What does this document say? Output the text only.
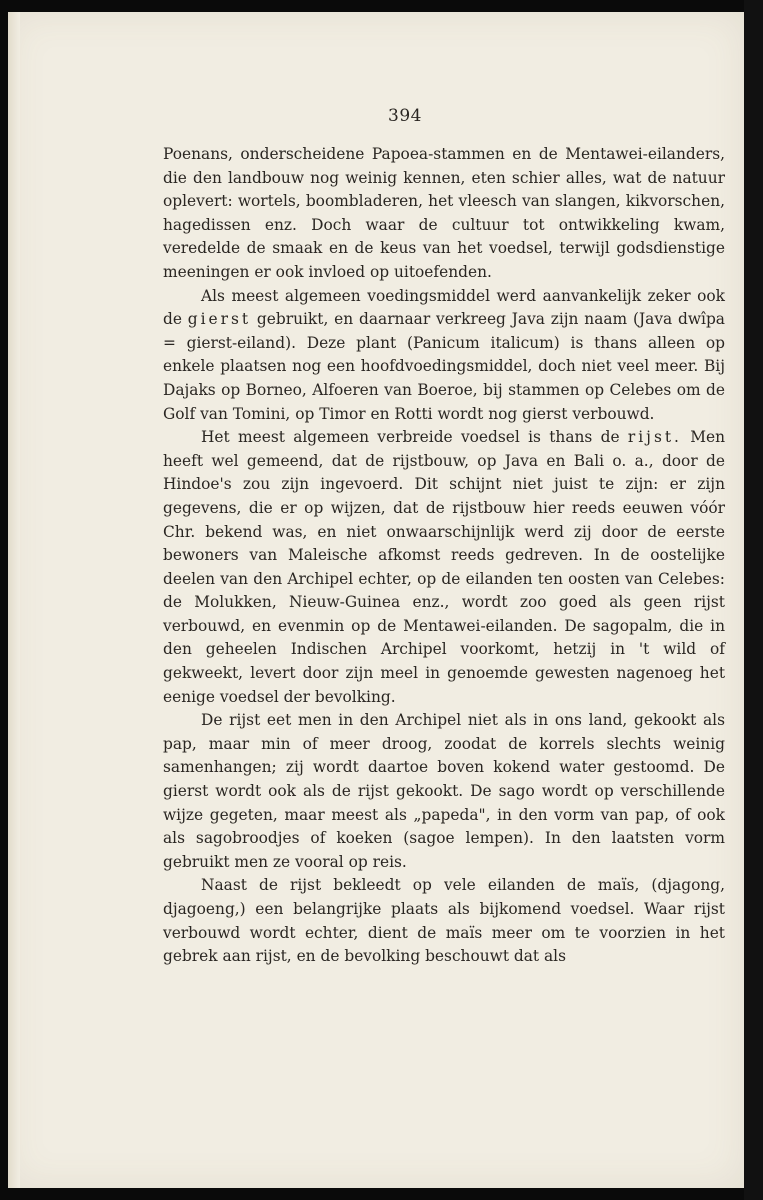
394

Poenans, onderscheidene Papoea-stammen en de Mentawei-eilanders, die den landbouw nog weinig kennen, eten schier alles, wat de natuur oplevert: wortels, boombladeren, het vleesch van slangen, kikvorschen, hagedissen enz. Doch waar de cultuur tot ontwikkeling kwam, veredelde de smaak en de keus van het voedsel, terwijl godsdienstige meeningen er ook invloed op uitoefenden.

Als meest algemeen voedingsmiddel werd aanvankelijk zeker ook de gierst gebruikt, en daarnaar verkreeg Java zijn naam (Java dwîpa = gierst-eiland). Deze plant (Panicum italicum) is thans alleen op enkele plaatsen nog een hoofdvoedingsmiddel, doch niet veel meer. Bij Dajaks op Borneo, Alfoeren van Boeroe, bij stammen op Celebes om de Golf van Tomini, op Timor en Rotti wordt nog gierst verbouwd.

Het meest algemeen verbreide voedsel is thans de rijst. Men heeft wel gemeend, dat de rijstbouw, op Java en Bali o. a., door de Hindoe's zou zijn ingevoerd. Dit schijnt niet juist te zijn: er zijn gegevens, die er op wijzen, dat de rijstbouw hier reeds eeuwen vóór Chr. bekend was, en niet onwaarschijnlijk werd zij door de eerste bewoners van Maleische afkomst reeds gedreven. In de oostelijke deelen van den Archipel echter, op de eilanden ten oosten van Celebes: de Molukken, Nieuw-Guinea enz., wordt zoo goed als geen rijst verbouwd, en evenmin op de Mentawei-eilanden. De sagopalm, die in den geheelen Indischen Archipel voorkomt, hetzij in 't wild of gekweekt, levert door zijn meel in genoemde gewesten nagenoeg het eenige voedsel der bevolking.

De rijst eet men in den Archipel niet als in ons land, gekookt als pap, maar min of meer droog, zoodat de korrels slechts weinig samenhangen; zij wordt daartoe boven kokend water gestoomd. De gierst wordt ook als de rijst gekookt. De sago wordt op verschillende wijze gegeten, maar meest als „papeda", in den vorm van pap, of ook als sagobroodjes of koeken (sagoe lempen). In den laatsten vorm gebruikt men ze vooral op reis.

Naast de rijst bekleedt op vele eilanden de maïs, (djagong, djagoeng,) een belangrijke plaats als bijkomend voedsel. Waar rijst verbouwd wordt echter, dient de maïs meer om te voorzien in het gebrek aan rijst, en de bevolking beschouwt dat als
